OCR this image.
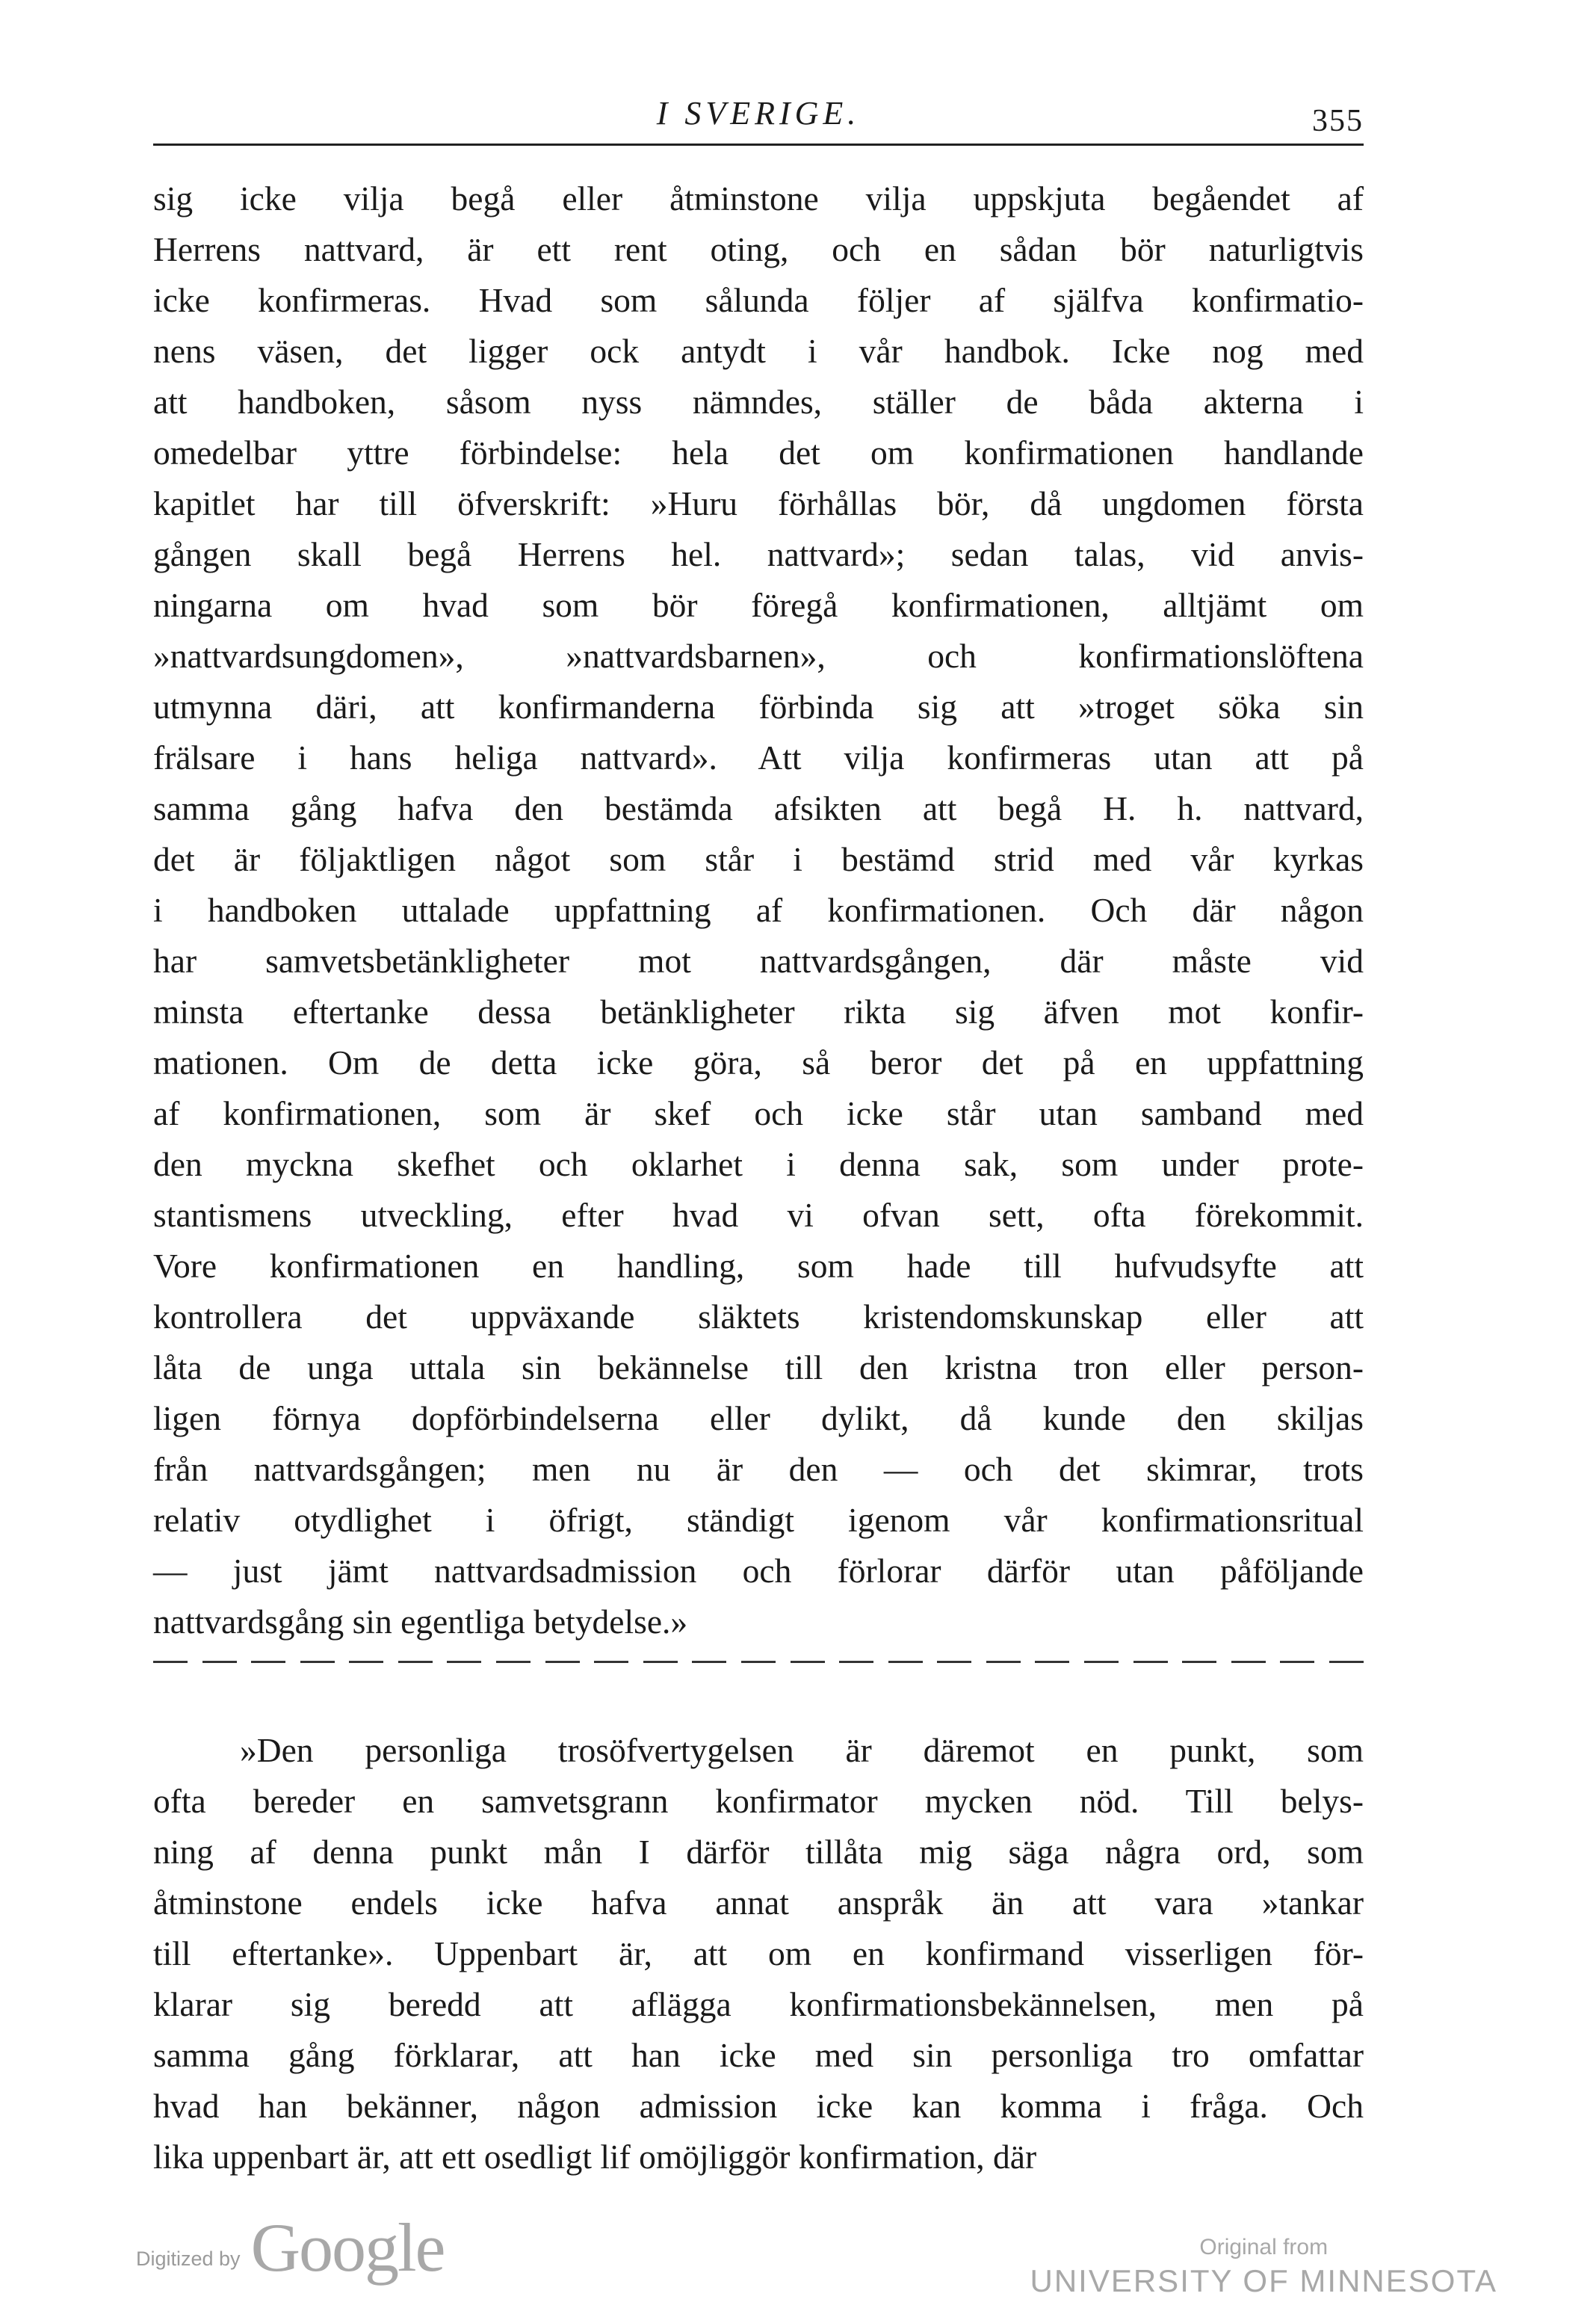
I SVERIGE.	355
sig icke vilja begå eller åtminstone vilja uppskjuta begåendet af
Herrens nattvard, är ett rent oting, och en sådan bör naturligtvis
icke konfirmeras. Hvad som sålunda följer af själfva konfirmatio-
nens väsen, det ligger ock antydt i vår handbok. Icke nog med
att handboken, såsom nyss nämndes, ställer de båda akterna i
omedelbar yttre förbindelse: hela det om konfirmationen handlande
kapitlet har till öfverskrift: »Huru förhållas bör, då ungdomen första
gången skall begå Herrens hel. nattvard»; sedan talas, vid anvis-
ningarna om hvad som bör föregå konfirmationen, alltjämt om
»nattvardsungdomen», »nattvardsbarnen», och konfirmationslöftena
utmynna däri, att konfirmanderna förbinda sig att »troget söka sin
frälsare i hans heliga nattvard». Att vilja konfirmeras utan att på
samma gång hafva den bestämda afsikten att begå H. h. nattvard,
det är följaktligen något som står i bestämd strid med vår kyrkas
i handboken uttalade uppfattning af konfirmationen. Och där någon
har samvetsbetänkligheter mot nattvardsgången, där måste vid
minsta eftertanke dessa betänkligheter rikta sig äfven mot konfir-
mationen. Om de detta icke göra, så beror det på en uppfattning
af konfirmationen, som är skef och icke står utan samband med
den myckna skefhet och oklarhet i denna sak, som under prote-
stantismens utveckling, efter hvad vi ofvan sett, ofta förekommit.
Vore konfirmationen en handling, som hade till hufvudsyfte att
kontrollera det uppväxande släktets kristendomskunskap eller att
låta de unga uttala sin bekännelse till den kristna tron eller person-
ligen förnya dopförbindelserna eller dylikt, då kunde den skiljas
från nattvardsgången; men nu är den — och det skimrar, trots
relativ otydlighet i öfrigt, ständigt igenom vår konfirmationsritual
— just jämt nattvardsadmission och förlorar därför utan påföljande
nattvardsgång sin egentliga betydelse.»
»Den personliga trosöfvertygelsen är däremot en punkt, som
ofta bereder en samvetsgrann konfirmator mycken nöd. Till belys-
ning af denna punkt mån I därför tillåta mig säga några ord, som
åtminstone endels icke hafva annat anspråk än att vara »tankar
till eftertanke». Uppenbart är, att om en konfirmand visserligen för-
klarar sig beredd att aflägga konfirmationsbekännelsen, men på
samma gång förklarar, att han icke med sin personliga tro omfattar
hvad han bekänner, någon admission icke kan komma i fråga. Och
lika uppenbart är, att ett osedligt lif omöjliggör konfirmation, där
Digitized by Google	Original from
UNIVERSITY OF MINNESOTA
